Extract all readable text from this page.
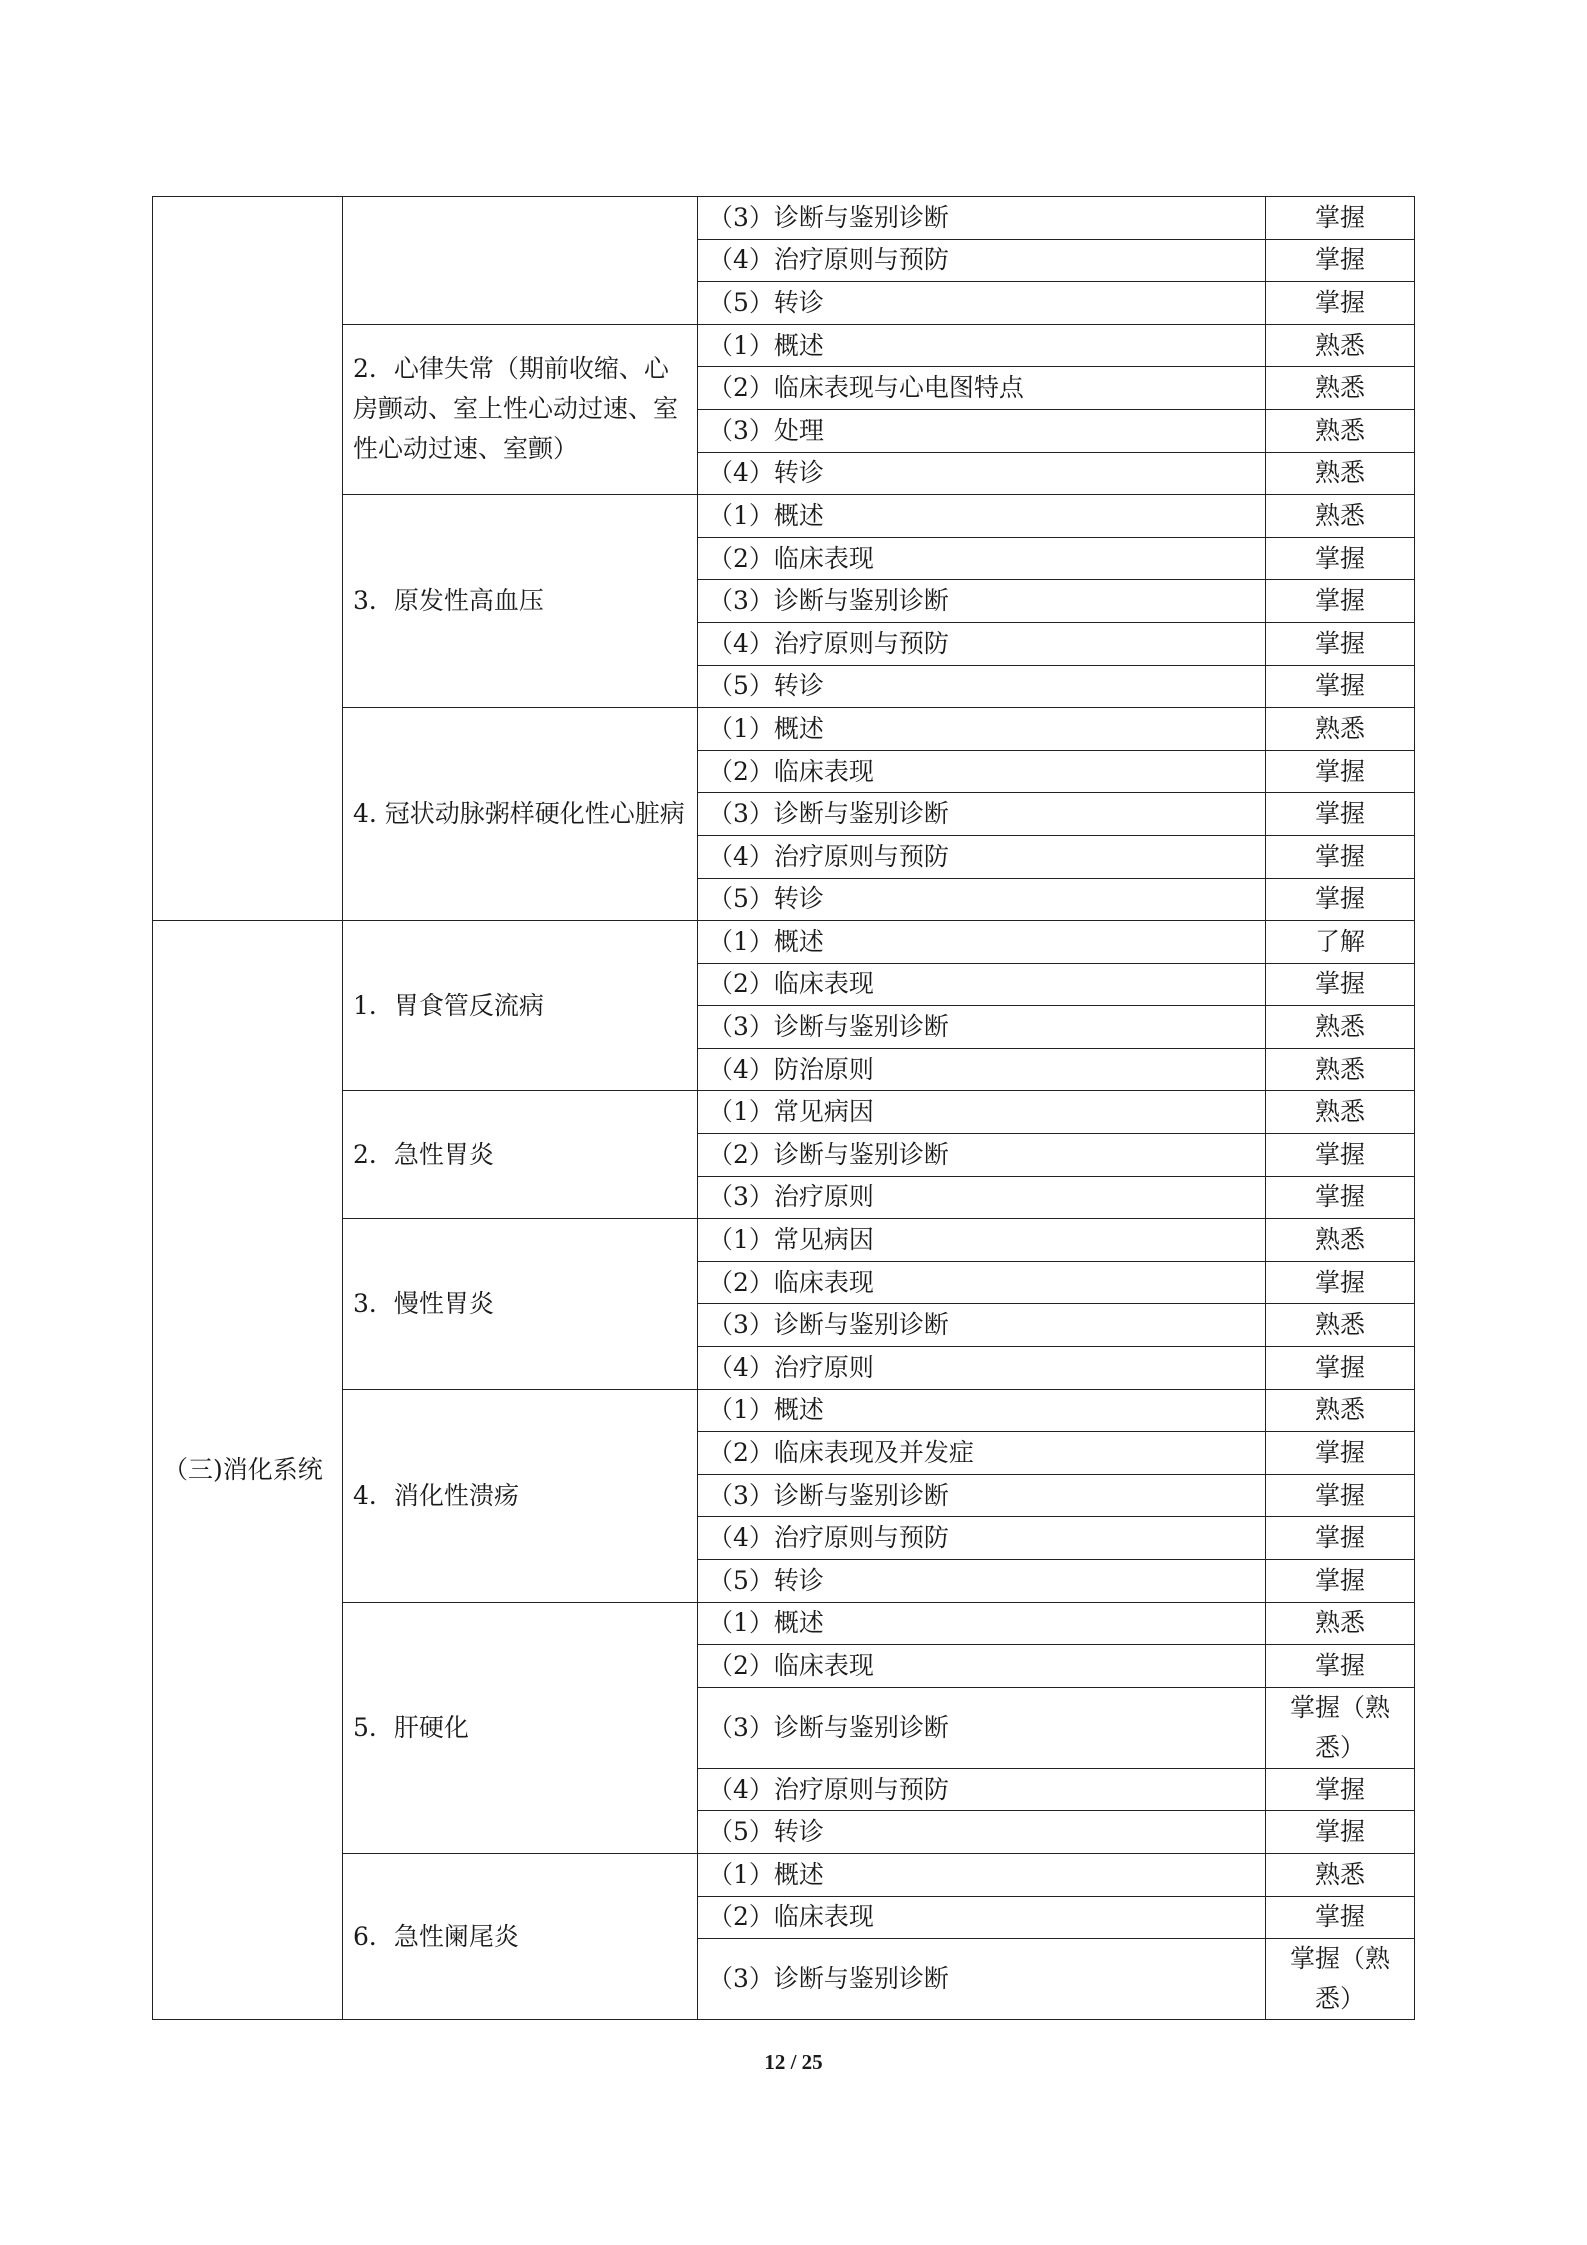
		（3）诊断与鉴别诊断	掌握
		（4）治疗原则与预防	掌握
		（5）转诊	掌握
	2．心律失常（期前收缩、心房颤动、室上性心动过速、室性心动过速、室颤）	（1）概述	熟悉
		（2）临床表现与心电图特点	熟悉
		（3）处理	熟悉
		（4）转诊	熟悉
	3．原发性高血压	（1）概述	熟悉
		（2）临床表现	掌握
		（3）诊断与鉴别诊断	掌握
		（4）治疗原则与预防	掌握
		（5）转诊	掌握
	4. 冠状动脉粥样硬化性心脏病	（1）概述	熟悉
		（2）临床表现	掌握
		（3）诊断与鉴别诊断	掌握
		（4）治疗原则与预防	掌握
		（5）转诊	掌握
（三)消化系统	1．胃食管反流病	（1）概述	了解
		（2）临床表现	掌握
		（3）诊断与鉴别诊断	熟悉
		（4）防治原则	熟悉
	2．急性胃炎	（1）常见病因	熟悉
		（2）诊断与鉴别诊断	掌握
		（3）治疗原则	掌握
	3．慢性胃炎	（1）常见病因	熟悉
		（2）临床表现	掌握
		（3）诊断与鉴别诊断	熟悉
		（4）治疗原则	掌握
	4．消化性溃疡	（1）概述	熟悉
		（2）临床表现及并发症	掌握
		（3）诊断与鉴别诊断	掌握
		（4）治疗原则与预防	掌握
		（5）转诊	掌握
	5．肝硬化	（1）概述	熟悉
		（2）临床表现	掌握
		（3）诊断与鉴别诊断	掌握（熟悉）
		（4）治疗原则与预防	掌握
		（5）转诊	掌握
	6．急性阑尾炎	（1）概述	熟悉
		（2）临床表现	掌握
		（3）诊断与鉴别诊断	掌握（熟悉）
12 / 25
